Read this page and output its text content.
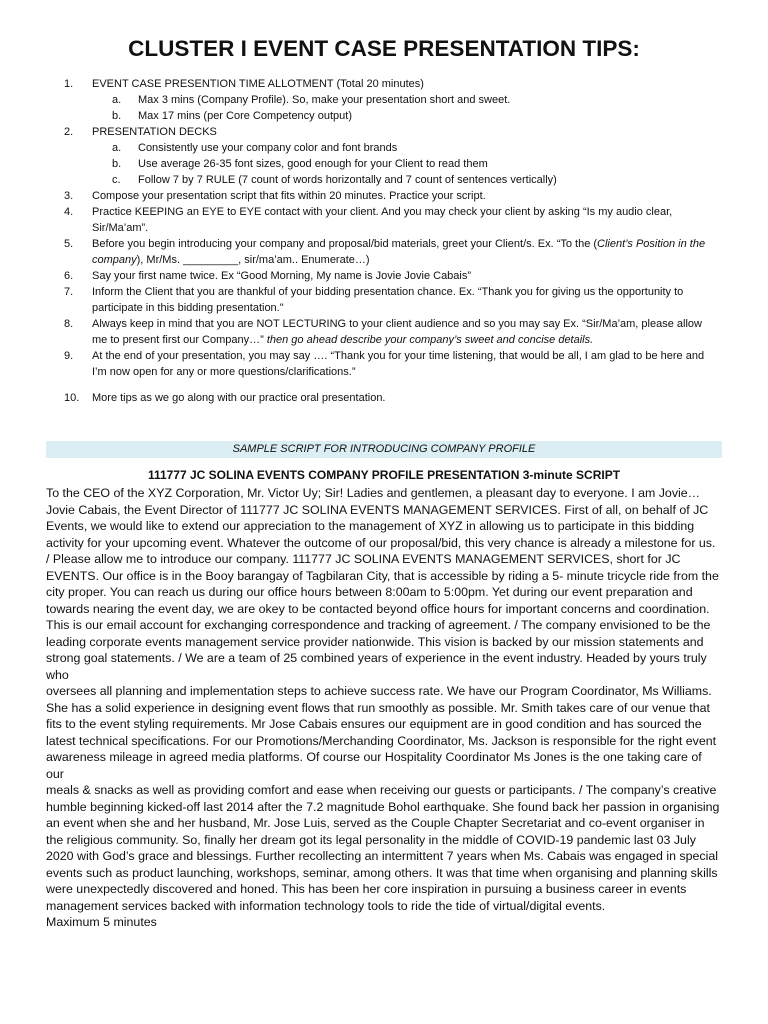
CLUSTER I EVENT CASE PRESENTATION TIPS:
1.	EVENT CASE PRESENTION TIME ALLOTMENT (Total 20 minutes)
a.	Max 3 mins (Company Profile). So, make your presentation short and sweet.
b.	Max 17 mins (per Core Competency output)
2.	PRESENTATION DECKS
a.	Consistently use your company color and font brands
b.	Use average 26-35 font sizes, good enough for your Client to read them
c.	Follow 7 by 7 RULE (7 count of words horizontally and 7 count of sentences vertically)
3.	Compose your presentation script that fits within 20 minutes. Practice your script.
4.	Practice KEEPING an EYE to EYE contact with your client. And you may check your client by asking “Is my audio clear, Sir/Ma’am”.
5.	Before you begin introducing your company and proposal/bid materials, greet your Client/s. Ex. “To the (Client’s Position in the company), Mr/Ms. _________, sir/ma’am.. Enumerate…)
6.	Say your first name twice. Ex “Good Morning, My name is Jovie Jovie Cabais”
7.	Inform the Client that you are thankful of your bidding presentation chance. Ex. “Thank you for giving us the opportunity to participate in this bidding presentation."
8.	Always keep in mind that you are NOT LECTURING to your client audience and so you may say Ex. “Sir/Ma’am, please allow me to present first our Company…” then go ahead describe your company’s sweet and concise details.
9.	At the end of your presentation, you may say …. “Thank you for your time listening, that would be all, I am glad to be here and I’m now open for any or more questions/clarifications.”
10.	More tips as we go along with our practice oral presentation.
SAMPLE SCRIPT FOR INTRODUCING COMPANY PROFILE
111777 JC SOLINA EVENTS COMPANY PROFILE PRESENTATION 3-minute SCRIPT

To the CEO of the XYZ Corporation, Mr. Victor Uy; Sir! Ladies and gentlemen, a pleasant day to everyone. I am Jovie… Jovie Cabais, the Event Director of 111777 JC SOLINA EVENTS MANAGEMENT SERVICES. First of all, on behalf of JC Events, we would like to extend our appreciation to the management of XYZ in allowing us to participate in this bidding activity for your upcoming event. Whatever the outcome of our proposal/bid, this very chance is already a milestone for us. / Please allow me to introduce our company. 111777 JC SOLINA EVENTS MANAGEMENT SERVICES, short for JC EVENTS. Our office is in the Booy barangay of Tagbilaran City, that is accessible by riding a 5- minute tricycle ride from the city proper. You can reach us during our office hours between 8:00am to 5:00pm. Yet during our event preparation and towards nearing the event day, we are okey to be contacted beyond office hours for important concerns and coordination. This is our email account for exchanging correspondence and tracking of agreement. / The company envisioned to be the leading corporate events management service provider nationwide. This vision is backed by our mission statements and strong goal statements. / We are a team of 25 combined years of experience in the event industry. Headed by yours truly who

oversees all planning and implementation steps to achieve success rate. We have our Program Coordinator, Ms Williams. She has a solid experience in designing event flows that run smoothly as possible. Mr. Smith takes care of our venue that fits to the event styling requirements. Mr Jose Cabais ensures our equipment are in good condition and has sourced the latest technical specifications. For our Promotions/Merchanding Coordinator, Ms. Jackson is responsible for the right event awareness mileage in agreed media platforms. Of course our Hospitality Coordinator Ms Jones is the one taking care of our

meals & snacks as well as providing comfort and ease when receiving our guests or participants. / The company’s creative humble beginning kicked-off last 2014 after the 7.2 magnitude Bohol earthquake. She found back her passion in organising an event when she and her husband, Mr. Jose Luis, served as the Couple Chapter Secretariat and co-event organiser in the religious community. So, finally her dream got its legal personality in the middle of COVID-19 pandemic last 03 July 2020 with God’s grace and blessings. Further recollecting an intermittent 7 years when Ms. Cabais was engaged in special events such as product launching, workshops, seminar, among others. It was that time when organising and planning skills were unexpectedly discovered and honed. This has been her core inspiration in pursuing a business career in events management services backed with information technology tools to ride the tide of virtual/digital events.

Maximum 5 minutes
